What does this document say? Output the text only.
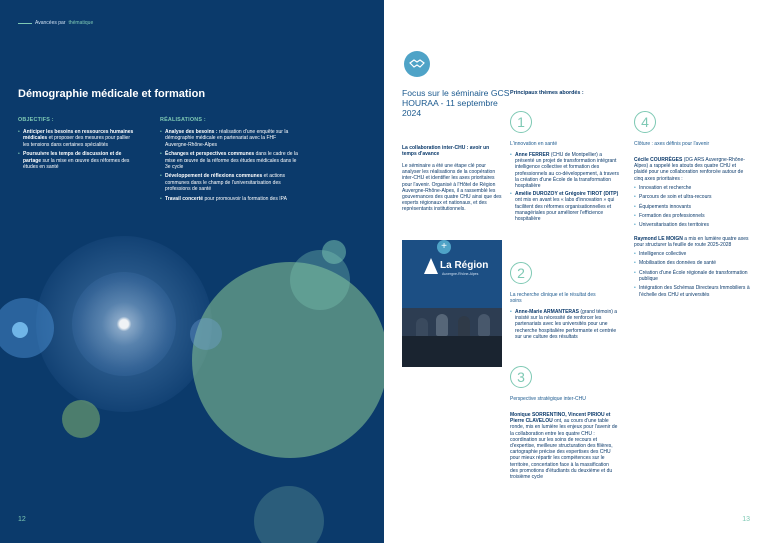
Avancées par thématique
Démographie médicale et formation
OBJECTIFS :
• Anticiper les besoins en ressources humaines médicales et proposer des mesures pour pallier les tensions dans certaines spécialités
• Poursuivre les temps de discussion et de partage sur la mise en œuvre des réformes des études en santé
RÉALISATIONS :
• Analyse des besoins : réalisation d'une enquête sur la démographie médicale en partenariat avec la FHF Auvergne-Rhône-Alpes
• Échanges et perspectives communes dans le cadre de la mise en œuvre de la réforme des études médicales dans le 3e cycle
• Développement de réflexions communes et actions communes dans le champ de l'universitarisation des professions de santé
• Travail concerté pour promouvoir la formation des IPA
12
Focus sur le séminaire GCS HOURAA - 11 septembre 2024
La collaboration inter-CHU : avoir un temps d'avance
Le séminaire a été une étape clé pour analyser les réalisations de la coopération inter-CHU et identifier les axes prioritaires pour l'avenir. Organisé à l'Hôtel de Région Auvergne-Rhône-Alpes, il a rassemblé les gouvernances des quatre CHU ainsi que des experts régionaux et nationaux, et des représentants institutionnels.
La Région
Auvergne-Rhône-Alpes
+
Principaux thèmes abordés :
1
L'innovation en santé
• Anne FERRER (CHU de Montpellier) a présenté un projet de transformation intégrant intelligence collective et formation des professionnels au co-développement, à travers la création d'une École de la transformation hospitalière
• Amélie DUROZOY et Grégoire TIROT (DITP) ont mis en avant les « labs d'innovation » qui facilitent des réformes organisationnelles et managériales pour améliorer l'efficience hospitalière
2
La recherche clinique et le résultat des soins
• Anne-Marie ARMANTERAS (grand témoin) a insisté sur la nécessité de renforcer les partenariats avec les universités pour une recherche hospitalière performante et centrée sur une culture des résultats
3
Perspective stratégique inter-CHU
Monique SORRENTINO, Vincent PIRIOU et Pierre CLAVELOU ont, au cours d'une table ronde, mis en lumière les enjeux pour l'avenir de la collaboration entre les quatre CHU : coordination sur les soins de recours et d'expertise, meilleure structuration des filières, cartographie précise des expertises des CHU pour mieux répartir les compétences sur le territoire, concertation face à la massification des promotions d'étudiants du deuxième et du troisième cycle
4
Clôture : axes définis pour l'avenir
Cécile COURRÈGES (DG ARS Auvergne-Rhône-Alpes) a rappelé les atouts des quatre CHU et plaidé pour une collaboration renforcée autour de cinq axes prioritaires :
• Innovation et recherche
• Parcours de soin et ultra-recours
• Équipements innovants
• Formation des professionnels
• Universitarisation des territoires
Raymond LE MOIGN a mis en lumière quatre axes pour structurer la feuille de route 2025-2028
• Intelligence collective
• Mobilisation des données de santé
• Création d'une École régionale de transformation publique
• Intégration des Schémas Directeurs Immobiliers à l'échelle des CHU et universités
13
